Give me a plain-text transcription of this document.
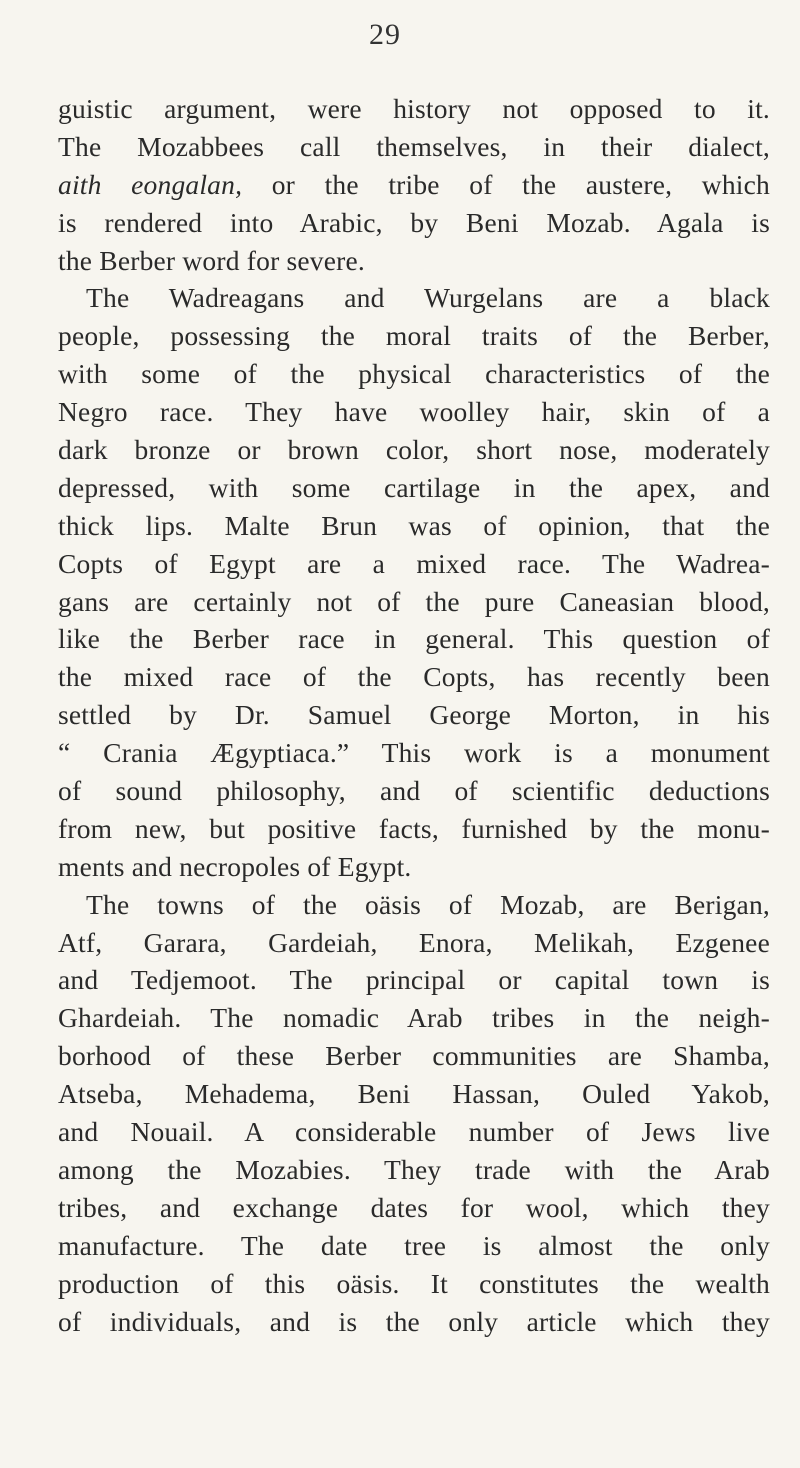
29
guistic argument, were history not opposed to it.
The Mozabbees call themselves, in their dialect,
aith eongalan, or the tribe of the austere, which
is rendered into Arabic, by Beni Mozab. Agala is
the Berber word for severe.
The Wadreagans and Wurgelans are a black
people, possessing the moral traits of the Berber,
with some of the physical characteristics of the
Negro race. They have woolley hair, skin of a
dark bronze or brown color, short nose, moderately
depressed, with some cartilage in the apex, and
thick lips. Malte Brun was of opinion, that the
Copts of Egypt are a mixed race. The Wadrea-
gans are certainly not of the pure Caneasian blood,
like the Berber race in general. This question of
the mixed race of the Copts, has recently been
settled by Dr. Samuel George Morton, in his
“ Crania Ægyptiaca.” This work is a monument
of sound philosophy, and of scientific deductions
from new, but positive facts, furnished by the monu-
ments and necropoles of Egypt.
The towns of the oäsis of Mozab, are Berigan,
Atf, Garara, Gardeiah, Enora, Melikah, Ezgenee
and Tedjemoot. The principal or capital town is
Ghardeiah. The nomadic Arab tribes in the neigh-
borhood of these Berber communities are Shamba,
Atseba, Mehadema, Beni Hassan, Ouled Yakob,
and Nouail. A considerable number of Jews live
among the Mozabies. They trade with the Arab
tribes, and exchange dates for wool, which they
manufacture. The date tree is almost the only
production of this oäsis. It constitutes the wealth
of individuals, and is the only article which they
